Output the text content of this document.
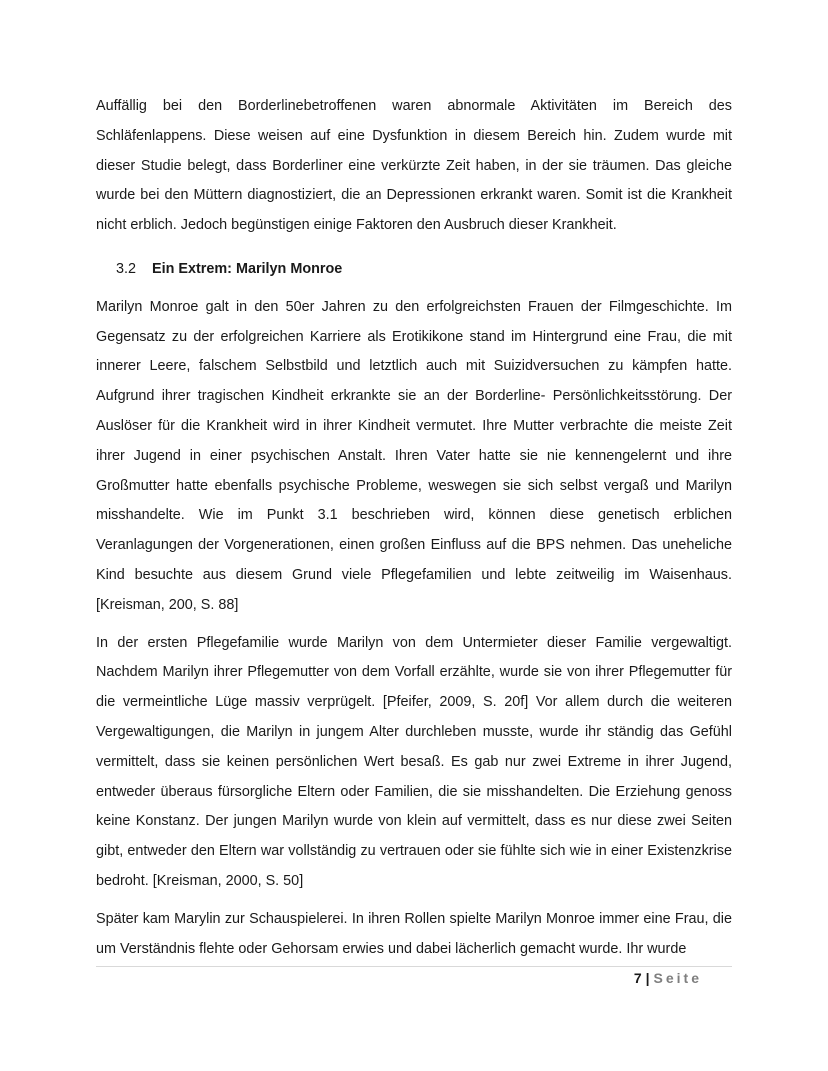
Auffällig bei den Borderlinebetroffenen waren abnormale Aktivitäten im Bereich des Schläfenlappens. Diese weisen auf eine Dysfunktion in diesem Bereich hin. Zudem wurde mit dieser Studie belegt, dass Borderliner eine verkürzte Zeit haben, in der sie träumen. Das gleiche wurde bei den Müttern diagnostiziert, die an Depressionen erkrankt waren. Somit ist die Krankheit nicht erblich. Jedoch begünstigen einige Faktoren den Ausbruch dieser Krankheit.

3.2	Ein Extrem: Marilyn Monroe

Marilyn Monroe galt in den 50er Jahren zu den erfolgreichsten Frauen der Filmgeschichte. Im Gegensatz zu der erfolgreichen Karriere als Erotikikone stand im Hintergrund eine Frau, die mit innerer Leere, falschem Selbstbild und letztlich auch mit Suizidversuchen zu kämpfen hatte. Aufgrund ihrer tragischen Kindheit erkrankte sie an der Borderline- Persönlichkeitsstörung. Der Auslöser für die Krankheit wird in ihrer Kindheit vermutet. Ihre Mutter verbrachte die meiste Zeit ihrer Jugend in einer psychischen Anstalt. Ihren Vater hatte sie nie kennengelernt und ihre Großmutter hatte ebenfalls psychische Probleme, weswegen sie sich selbst vergaß und Marilyn misshandelte. Wie im Punkt 3.1 beschrieben wird, können diese genetisch erblichen Veranlagungen der Vorgenerationen, einen großen Einfluss auf die BPS nehmen. Das uneheliche Kind besuchte aus diesem Grund viele Pflegefamilien und lebte zeitweilig im Waisenhaus. [Kreisman, 200, S. 88]

In der ersten Pflegefamilie wurde Marilyn von dem Untermieter dieser Familie vergewaltigt. Nachdem Marilyn ihrer Pflegemutter von dem Vorfall erzählte, wurde sie von ihrer Pflegemutter für die vermeintliche Lüge massiv verprügelt. [Pfeifer, 2009, S. 20f] Vor allem durch die weiteren Vergewaltigungen, die Marilyn in jungem Alter durchleben musste, wurde ihr ständig das Gefühl vermittelt, dass sie keinen persönlichen Wert besaß. Es gab nur zwei Extreme in ihrer Jugend, entweder überaus fürsorgliche Eltern oder Familien, die sie misshandelten. Die Erziehung genoss keine Konstanz. Der jungen Marilyn wurde von klein auf vermittelt, dass es nur diese zwei Seiten gibt, entweder den Eltern war vollständig zu vertrauen oder sie fühlte sich wie in einer Existenzkrise bedroht. [Kreisman, 2000, S. 50]

Später kam Marylin zur Schauspielerei. In ihren Rollen spielte Marilyn Monroe immer eine Frau, die um Verständnis flehte oder Gehorsam erwies und dabei lächerlich gemacht wurde. Ihr wurde

7 | Seite
